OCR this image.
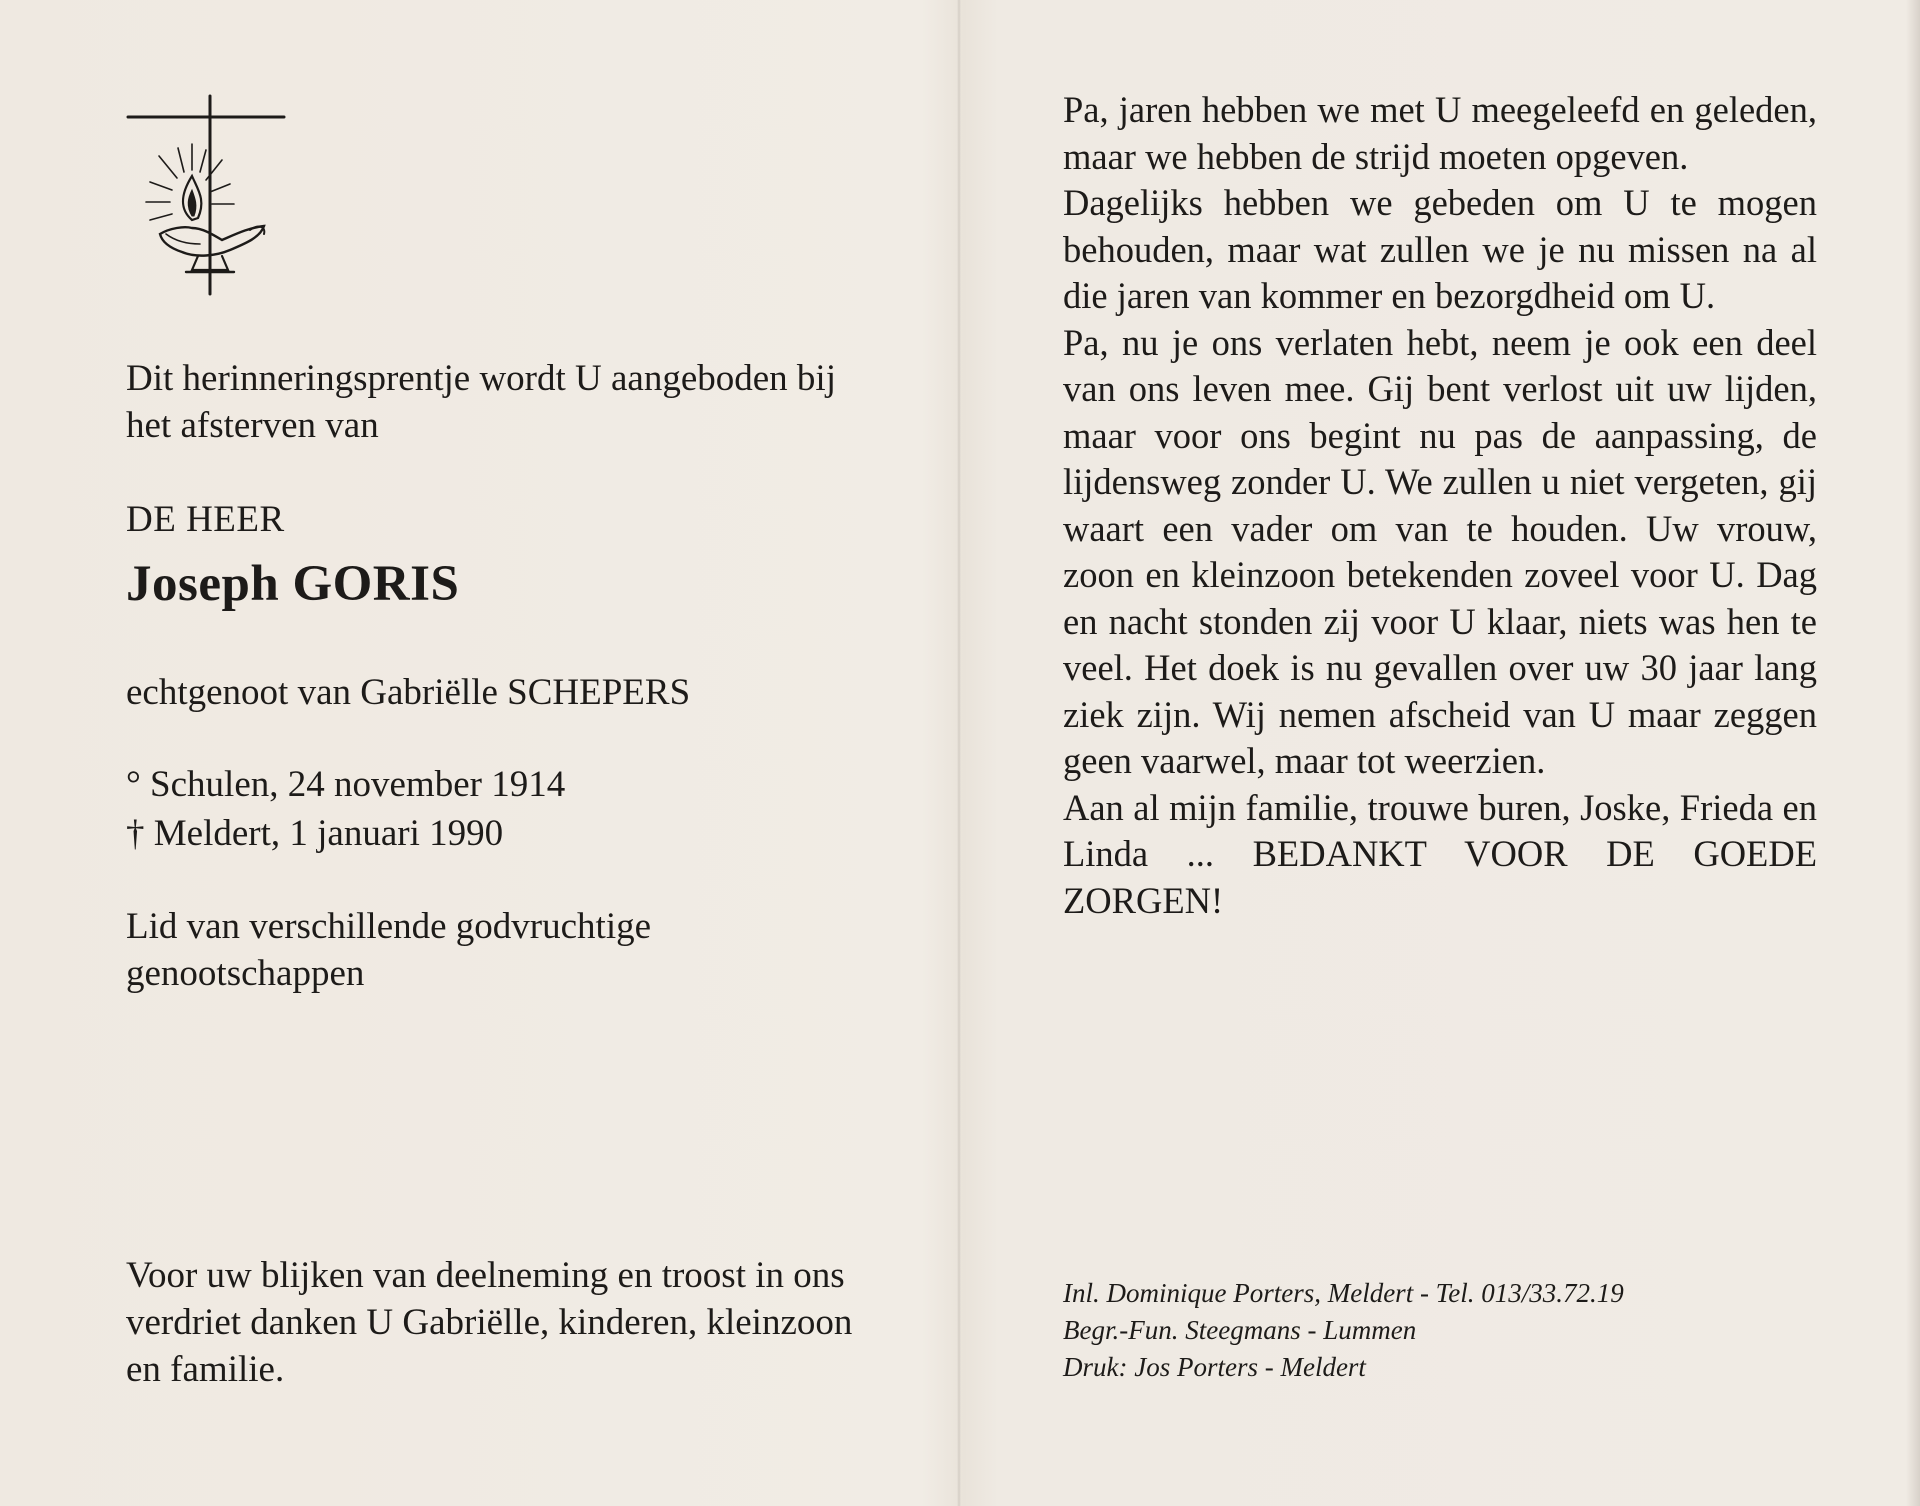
Dit herinneringsprentje wordt U aangeboden bij het afsterven van

DE HEER

Joseph GORIS

echtgenoot van Gabriëlle SCHEPERS

° Schulen, 24 november 1914

† Meldert, 1 januari 1990

Lid van verschillende godvruchtige genootschappen

Voor uw blijken van deelneming en troost in ons verdriet danken U Gabriëlle, kinderen, kleinzoon en familie.

Pa, jaren hebben we met U meegeleefd en geleden, maar we hebben de strijd moeten opgeven.

Dagelijks hebben we gebeden om U te mogen behouden, maar wat zullen we je nu missen na al die jaren van kommer en bezorgdheid om U.

Pa, nu je ons verlaten hebt, neem je ook een deel van ons leven mee. Gij bent verlost uit uw lijden, maar voor ons begint nu pas de aanpassing, de lijdensweg zonder U. We zullen u niet vergeten, gij waart een vader om van te houden. Uw vrouw, zoon en kleinzoon betekenden zoveel voor U. Dag en nacht stonden zij voor U klaar, niets was hen te veel. Het doek is nu gevallen over uw 30 jaar lang ziek zijn. Wij nemen afscheid van U maar zeggen geen vaarwel, maar tot weerzien.

Aan al mijn familie, trouwe buren, Joske, Frieda en Linda ... BEDANKT VOOR DE GOEDE ZORGEN!

Inl. Dominique Porters, Meldert - Tel. 013/33.72.19
Begr.-Fun. Steegmans - Lummen
Druk: Jos Porters - Meldert
